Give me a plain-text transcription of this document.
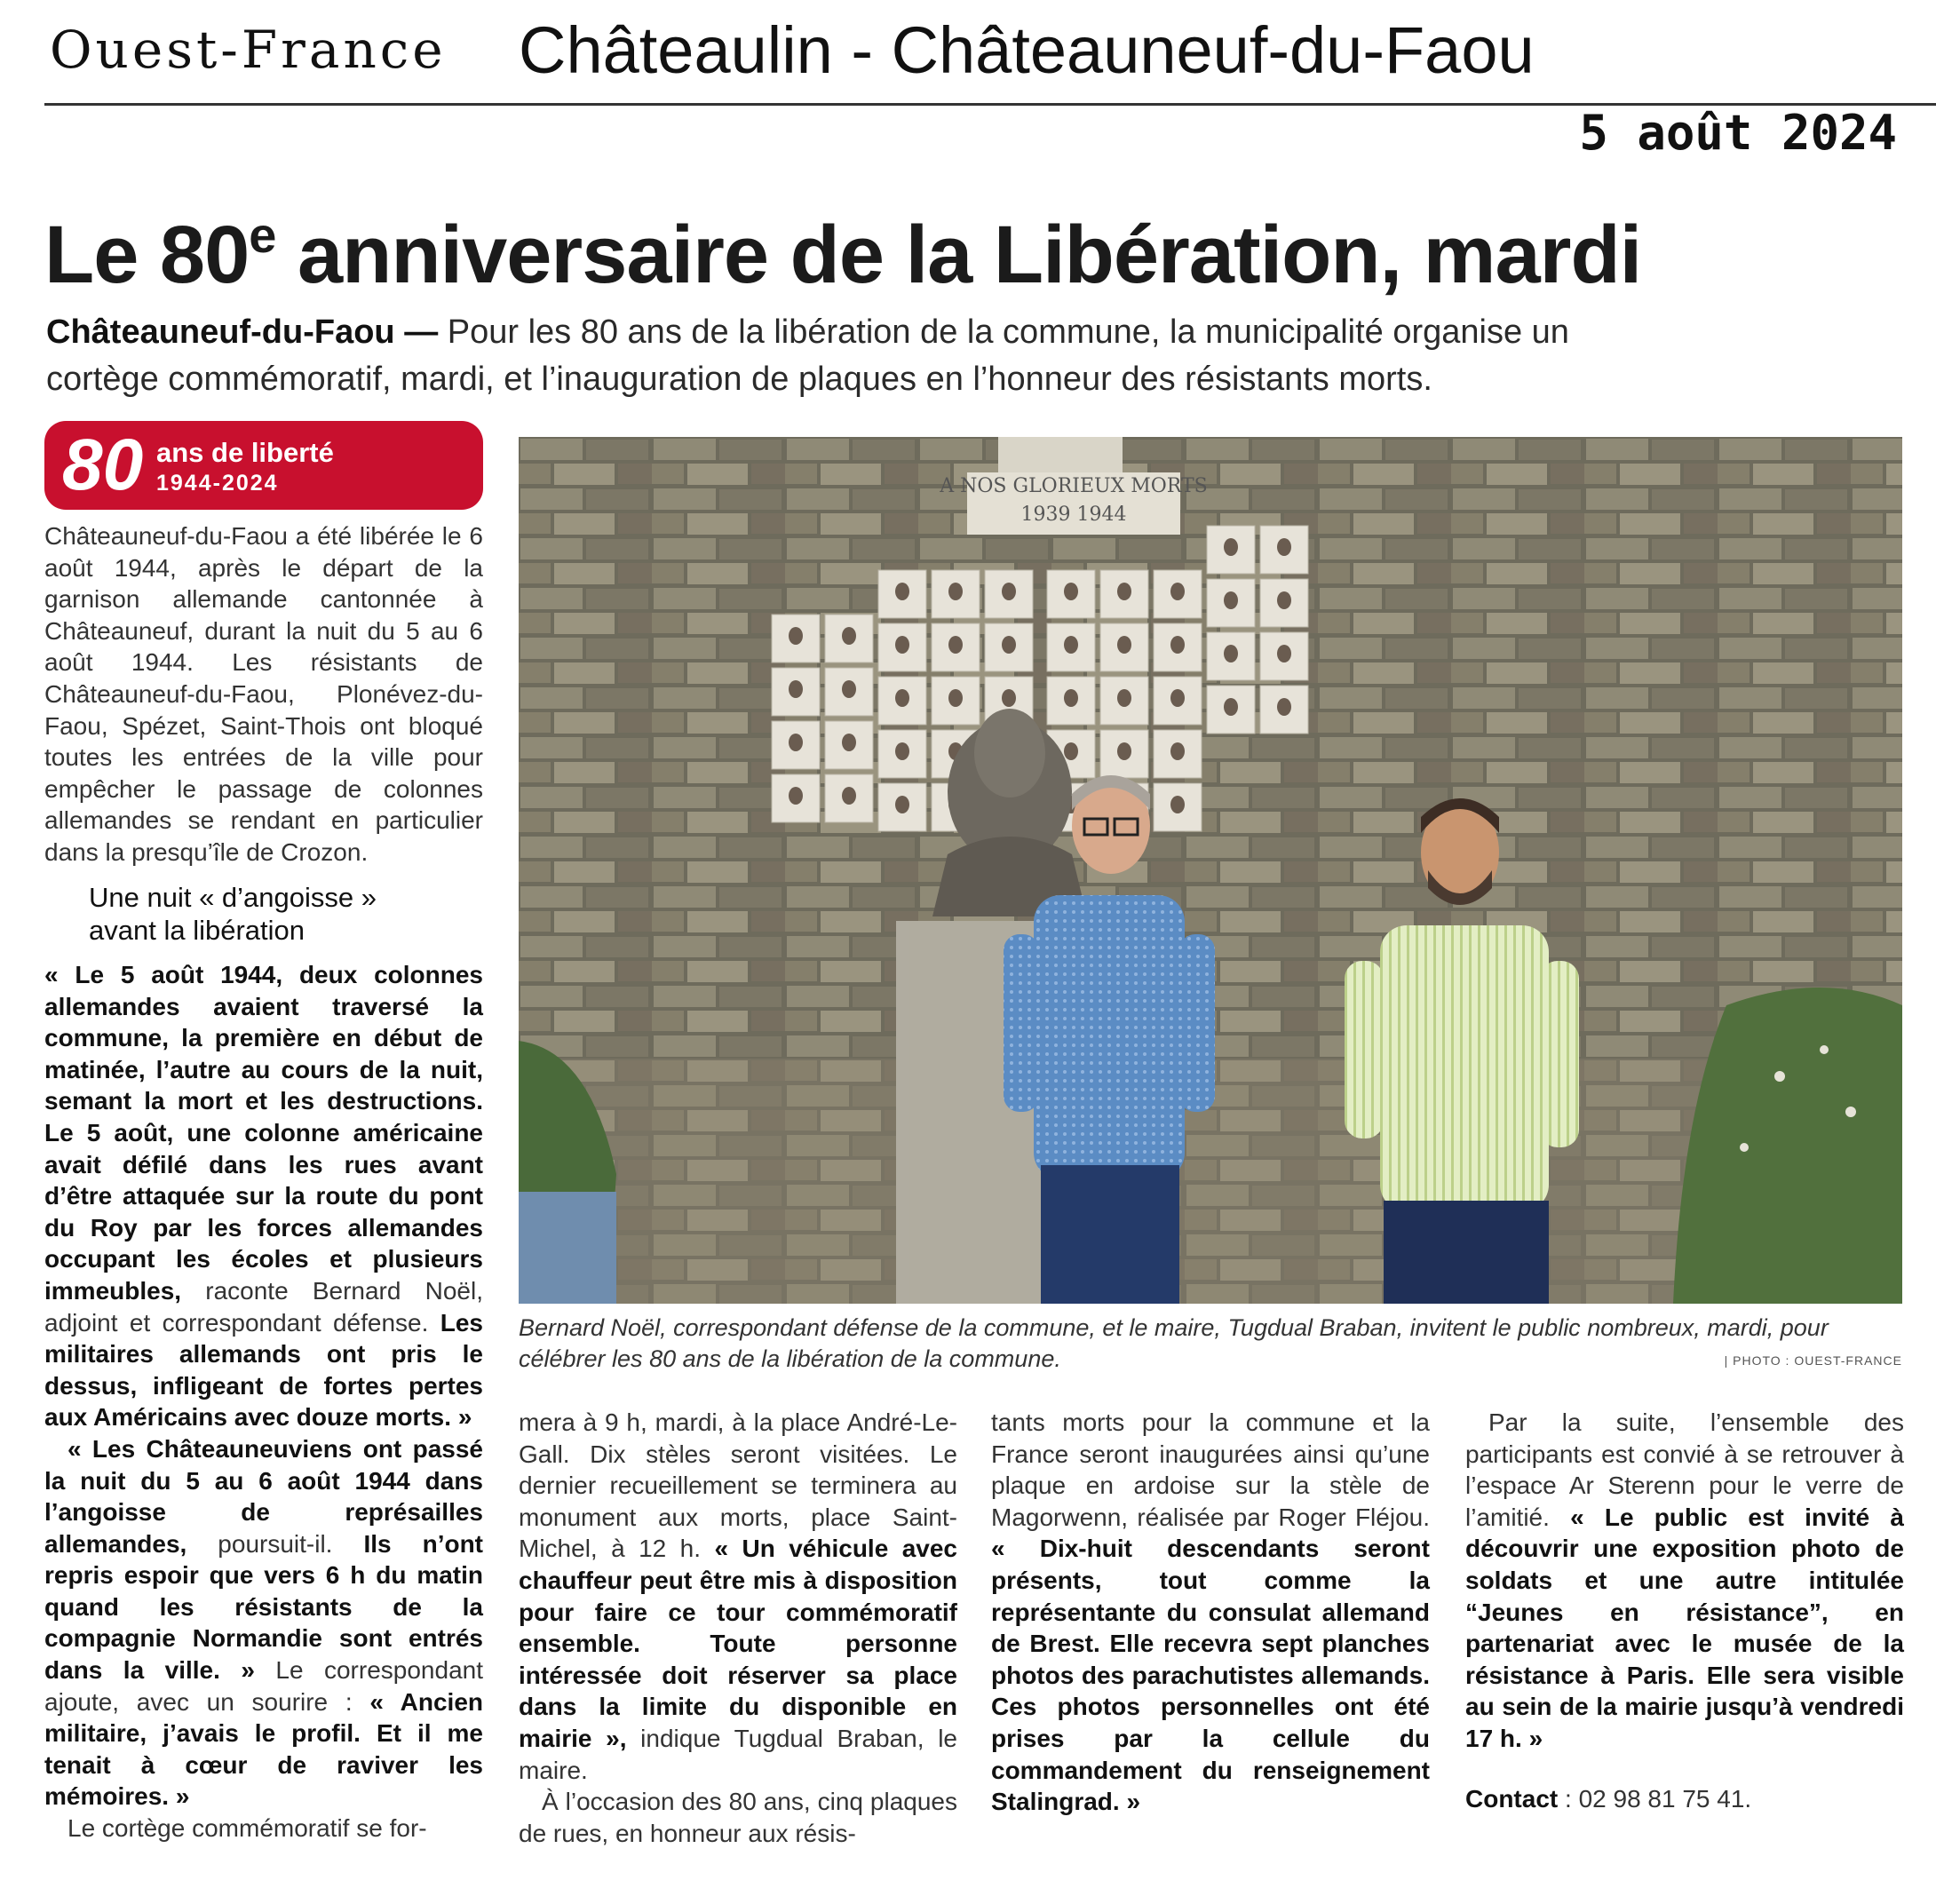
Ouest-France Châteaulin - Châteauneuf-du-Faou
5 août 2024
Le 80e anniversaire de la Libération, mardi

Châteauneuf-du-Faou — Pour les 80 ans de la libération de la commune, la municipalité organise un cortège commémoratif, mardi, et l’inauguration de plaques en l’honneur des résistants morts.

80 ans de liberté
1944-2024

Châteauneuf-du-Faou a été libérée le 6 août 1944, après le départ de la garnison allemande cantonnée à Châteauneuf, durant la nuit du 5 au 6 août 1944. Les résistants de Châteauneuf-du-Faou, Plonévez-du-Faou, Spézet, Saint-Thois ont bloqué toutes les entrées de la ville pour empêcher le passage de colonnes allemandes se rendant en particulier dans la presqu’île de Crozon.

Une nuit « d’angoisse »
avant la libération

« Le 5 août 1944, deux colonnes allemandes avaient traversé la commune, la première en début de matinée, l’autre au cours de la nuit, semant la mort et les destructions. Le 5 août, une colonne américaine avait défilé dans les rues avant d’être attaquée sur la route du pont du Roy par les forces allemandes occupant les écoles et plusieurs immeubles, raconte Bernard Noël, adjoint et correspondant défense. Les militaires allemands ont pris le dessus, infligeant de fortes pertes aux Américains avec douze morts. »

« Les Châteauneuviens ont passé la nuit du 5 au 6 août 1944 dans l’angoisse de représailles allemandes, poursuit-il. Ils n’ont repris espoir que vers 6 h du matin quand les résistants de la compagnie Normandie sont entrés dans la ville. » Le correspondant ajoute, avec un sourire : « Ancien militaire, j’avais le profil. Et il me tenait à cœur de raviver les mémoires. »

Le cortège commémoratif se for-

A NOS GLORIEUX MORTS
1939 1944
Bernard Noël, correspondant défense de la commune, et le maire, Tugdual Braban, invitent le public nombreux, mardi, pour célébrer les 80 ans de la libération de la commune.	| PHOTO : OUEST-FRANCE

mera à 9 h, mardi, à la place André-Le-Gall. Dix stèles seront visitées. Le dernier recueillement se terminera au monument aux morts, place Saint-Michel, à 12 h. « Un véhicule avec chauffeur peut être mis à disposition pour faire ce tour commémoratif ensemble. Toute personne intéressée doit réserver sa place dans la limite du disponible en mairie », indique Tugdual Braban, le maire.

À l’occasion des 80 ans, cinq plaques de rues, en honneur aux résis-

tants morts pour la commune et la France seront inaugurées ainsi qu’une plaque en ardoise sur la stèle de Magorwenn, réalisée par Roger Fléjou. « Dix-huit descendants seront présents, tout comme la représentante du consulat allemand de Brest. Elle recevra sept planches photos des parachutistes allemands. Ces photos personnelles ont été prises par la cellule du commandement du renseignement Stalingrad. »

Par la suite, l’ensemble des participants est convié à se retrouver à l’espace Ar Sterenn pour le verre de l’amitié. « Le public est invité à découvrir une exposition photo de soldats et une autre intitulée “Jeunes en résistance”, en partenariat avec le musée de la résistance à Paris. Elle sera visible au sein de la mairie jusqu’à vendredi 17 h. »

Contact : 02 98 81 75 41.
